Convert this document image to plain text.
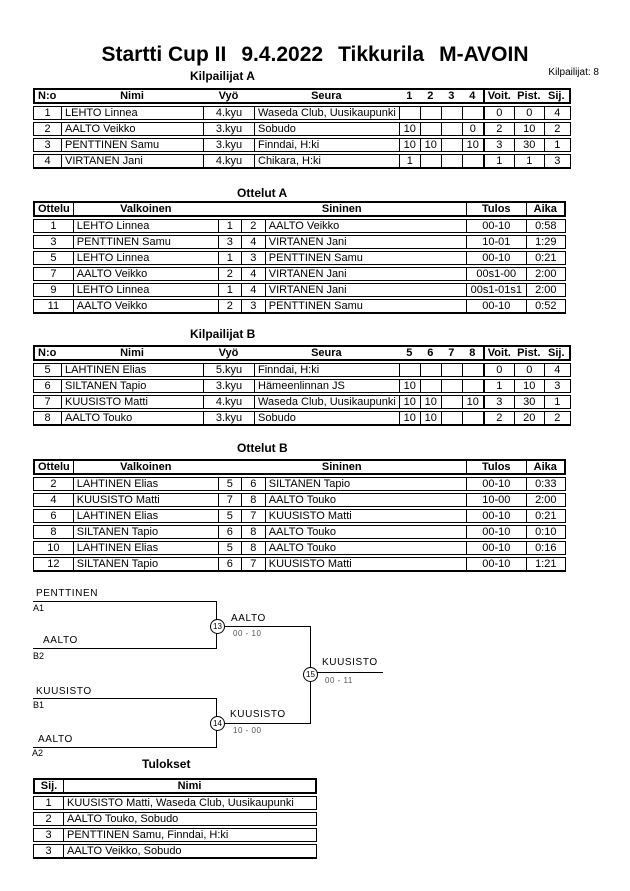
Startti Cup II 9.4.2022 Tikkurila M-AVOIN
Kilpailijat: 8
Kilpailijat A
N:o	Nimi	Vyö	Seura	1	2	3	4	Voit.	Pist.	Sij.
1	LEHTO Linnea	4.kyu	Waseda Club, Uusikaupunki					0	0	4
2	AALTO Veikko	3.kyu	Sobudo	10			0	2	10	2
3	PENTTINEN Samu	3.kyu	Finndai, H:ki	10	10		10	3	30	1
4	VIRTANEN Jani	4.kyu	Chikara, H:ki	1				1	1	3
Ottelut A
Ottelu	Valkoinen	Sininen			Tulos	Aika
1	LEHTO Linnea	1	2	AALTO Veikko	00-10	0:58
3	PENTTINEN Samu	3	4	VIRTANEN Jani	10-01	1:29
5	LEHTO Linnea	1	3	PENTTINEN Samu	00-10	0:21
7	AALTO Veikko	2	4	VIRTANEN Jani	00s1-00	2:00
9	LEHTO Linnea	1	4	VIRTANEN Jani	00s1-01s1	2:00
11	AALTO Veikko	2	3	PENTTINEN Samu	00-10	0:52
Kilpailijat B
N:o	Nimi	Vyö	Seura	5	6	7	8	Voit.	Pist.	Sij.
5	LAHTINEN Elias	5.kyu	Finndai, H:ki					0	0	4
6	SILTANEN Tapio	3.kyu	Hämeenlinnan JS	10				1	10	3
7	KUUSISTO Matti	4.kyu	Waseda Club, Uusikaupunki	10	10		10	3	30	1
8	AALTO Touko	3.kyu	Sobudo	10	10			2	20	2
Ottelut B
Ottelu	Valkoinen	Sininen			Tulos	Aika
2	LAHTINEN Elias	5	6	SILTANEN Tapio	00-10	0:33
4	KUUSISTO Matti	7	8	AALTO Touko	10-00	2:00
6	LAHTINEN Elias	5	7	KUUSISTO Matti	00-10	0:21
8	SILTANEN Tapio	6	8	AALTO Touko	00-10	0:10
10	LAHTINEN Elias	5	8	AALTO Touko	00-10	0:16
12	SILTANEN Tapio	6	7	KUUSISTO Matti	00-10	1:21
PENTTINEN
A1
AALTO
B2
13
AALTO
00 - 10
KUUSISTO
B1
AALTO
A2
14
KUUSISTO
10 - 00
15
KUUSISTO
00 - 11
Tulokset
Sij.	Nimi
1	KUUSISTO Matti, Waseda Club, Uusikaupunki
2	AALTO Touko, Sobudo
3	PENTTINEN Samu, Finndai, H:ki
3	AALTO Veikko, Sobudo
